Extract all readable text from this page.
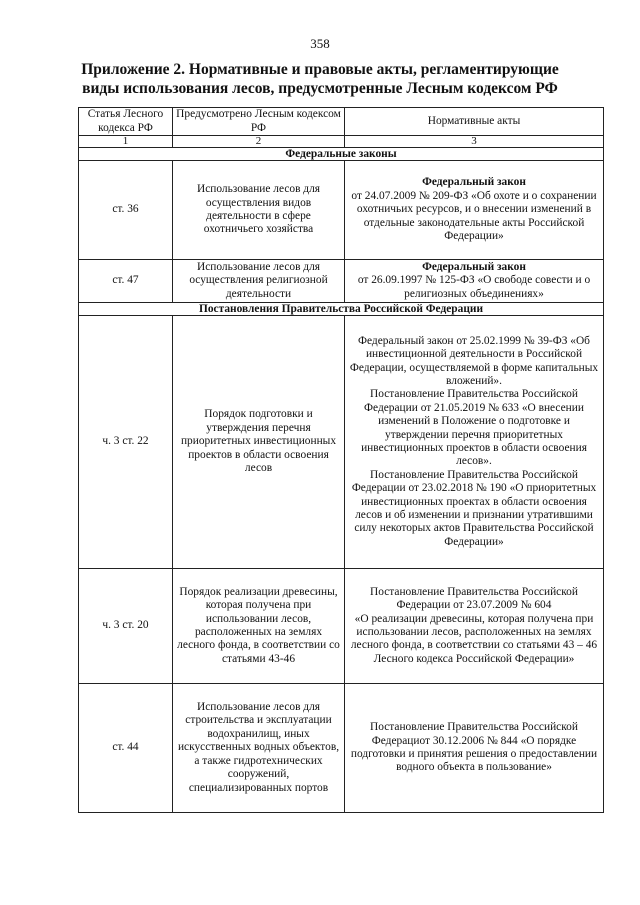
358
Приложение 2. Нормативные и правовые акты, регламентирующие виды использования лесов, предусмотренные Лесным кодексом РФ
Статья Лесного кодекса РФ	Предусмотрено Лесным кодексом РФ	Нормативные акты
1	2	3
Федеральные законы		
ст. 36	Использование лесов для осуществления видов деятельности в сфере охотничьего хозяйства	Федеральный закон
от 24.07.2009 № 209-ФЗ «Об охоте и о сохранении охотничьих ресурсов, и о внесении изменений в отдельные законодательные акты Российской Федерации»

ст. 47	Использование лесов для осуществления религиозной деятельности	Федеральный закон
от 26.09.1997 № 125-ФЗ «О свободе совести и о религиозных объединениях»

Постановления Правительства Российской Федерации		
ч. 3 ст. 22	Порядок подготовки и утверждения перечня приоритетных инвестиционных проектов в области освоения лесов	Федеральный закон от 25.02.1999 № 39-ФЗ «Об инвестиционной деятельности в Российской Федерации, осуществляемой в форме капитальных вложений».
Постановление Правительства Российской Федерации от 21.05.2019 № 633 «О внесении изменений в Положение о подготовке и утверждении перечня приоритетных инвестиционных проектов в области освоения лесов».
Постановление Правительства Российской Федерации от 23.02.2018 № 190 «О приоритетных инвестиционных проектах в области освоения лесов и об изменении и признании утратившими силу некоторых актов Правительства Российской Федерации»

ч. 3 ст. 20	Порядок реализации древесины, которая получена при использовании лесов, расположенных на землях лесного фонда, в соответствии со статьями 43-46	Постановление Правительства Российской Федерации от 23.07.2009 № 604
«О реализации древесины, которая получена при использовании лесов, расположенных на землях лесного фонда, в соответствии со статьями 43 – 46 Лесного кодекса Российской Федерации»

ст. 44	Использование лесов для строительства и эксплуатации водохранилищ, иных искусственных водных объектов, а также гидротехнических сооружений, специализированных портов	Постановление Правительства Российской Федерациот 30.12.2006 № 844 «О порядке подготовки и принятия решения о предоставлении водного объекта в пользование»
